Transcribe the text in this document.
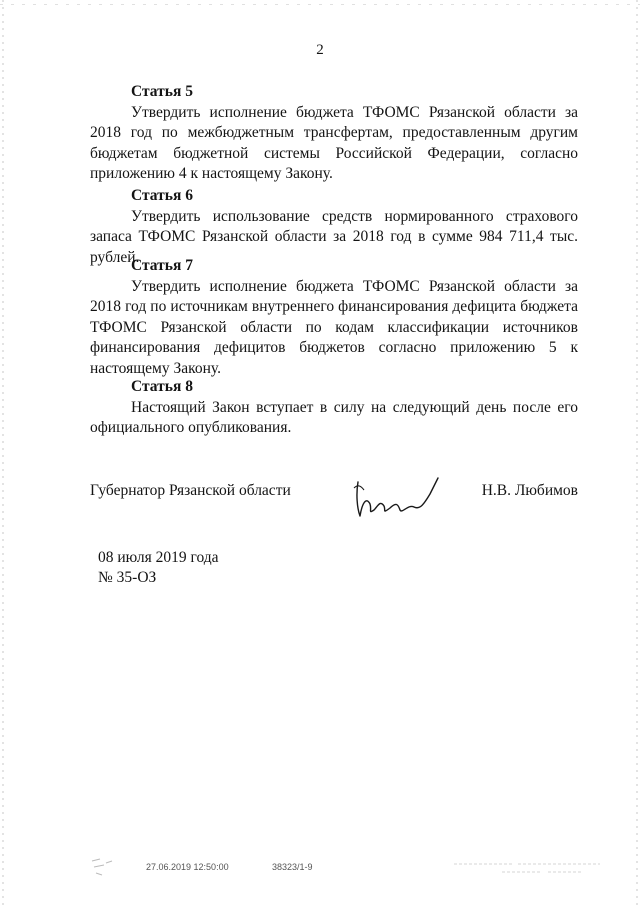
2
Статья 5

Утвердить исполнение бюджета ТФОМС Рязанской области за 2018 год по межбюджетным трансфертам, предоставленным другим бюджетам бюджетной системы Российской Федерации, согласно приложению 4 к настоящему Закону.

Статья 6

Утвердить использование средств нормированного страхового запаса ТФОМС Рязанской области за 2018 год в сумме 984 711,4 тыс. рублей.

Статья 7

Утвердить исполнение бюджета ТФОМС Рязанской области за 2018 год по источникам внутреннего финансирования дефицита бюджета ТФОМС Рязанской области по кодам классификации источников финансирования дефицитов бюджетов согласно приложению 5 к настоящему Закону.

Статья 8

Настоящий Закон вступает в силу на следующий день после его официального опубликования.

Губернатор Рязанской области	Н.В. Любимов
08 июля 2019 года
№ 35-ОЗ
27.06.2019 12:50:00	38323/1-9
